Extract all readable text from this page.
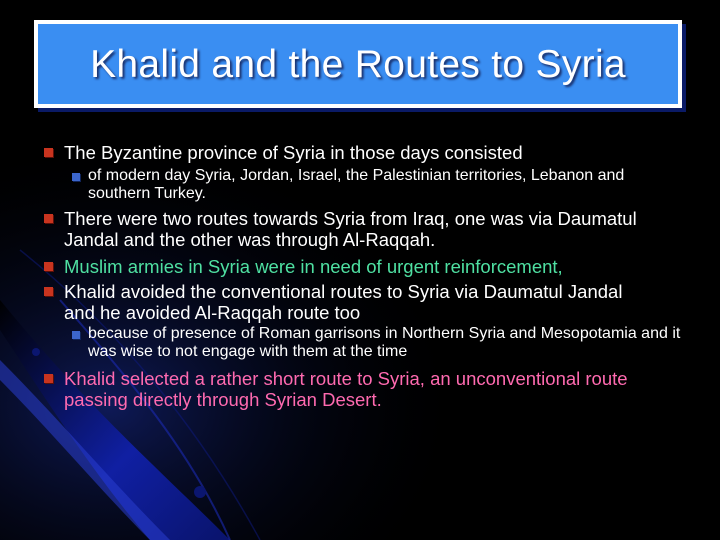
Khalid and the Routes to Syria
The Byzantine province of Syria in those days consisted
of modern day Syria, Jordan, Israel, the Palestinian territories, Lebanon and southern Turkey.
There were two routes towards Syria from Iraq, one was via Daumatul Jandal and the other was through Al-Raqqah.
Muslim armies in Syria were in need of urgent reinforcement,
Khalid avoided the conventional routes to Syria via Daumatul Jandal and he avoided Al-Raqqah route too
because of presence of Roman garrisons in Northern Syria and Mesopotamia and it was wise to not engage with them at the time
Khalid selected a rather short route to Syria, an unconventional route passing directly through Syrian Desert.
